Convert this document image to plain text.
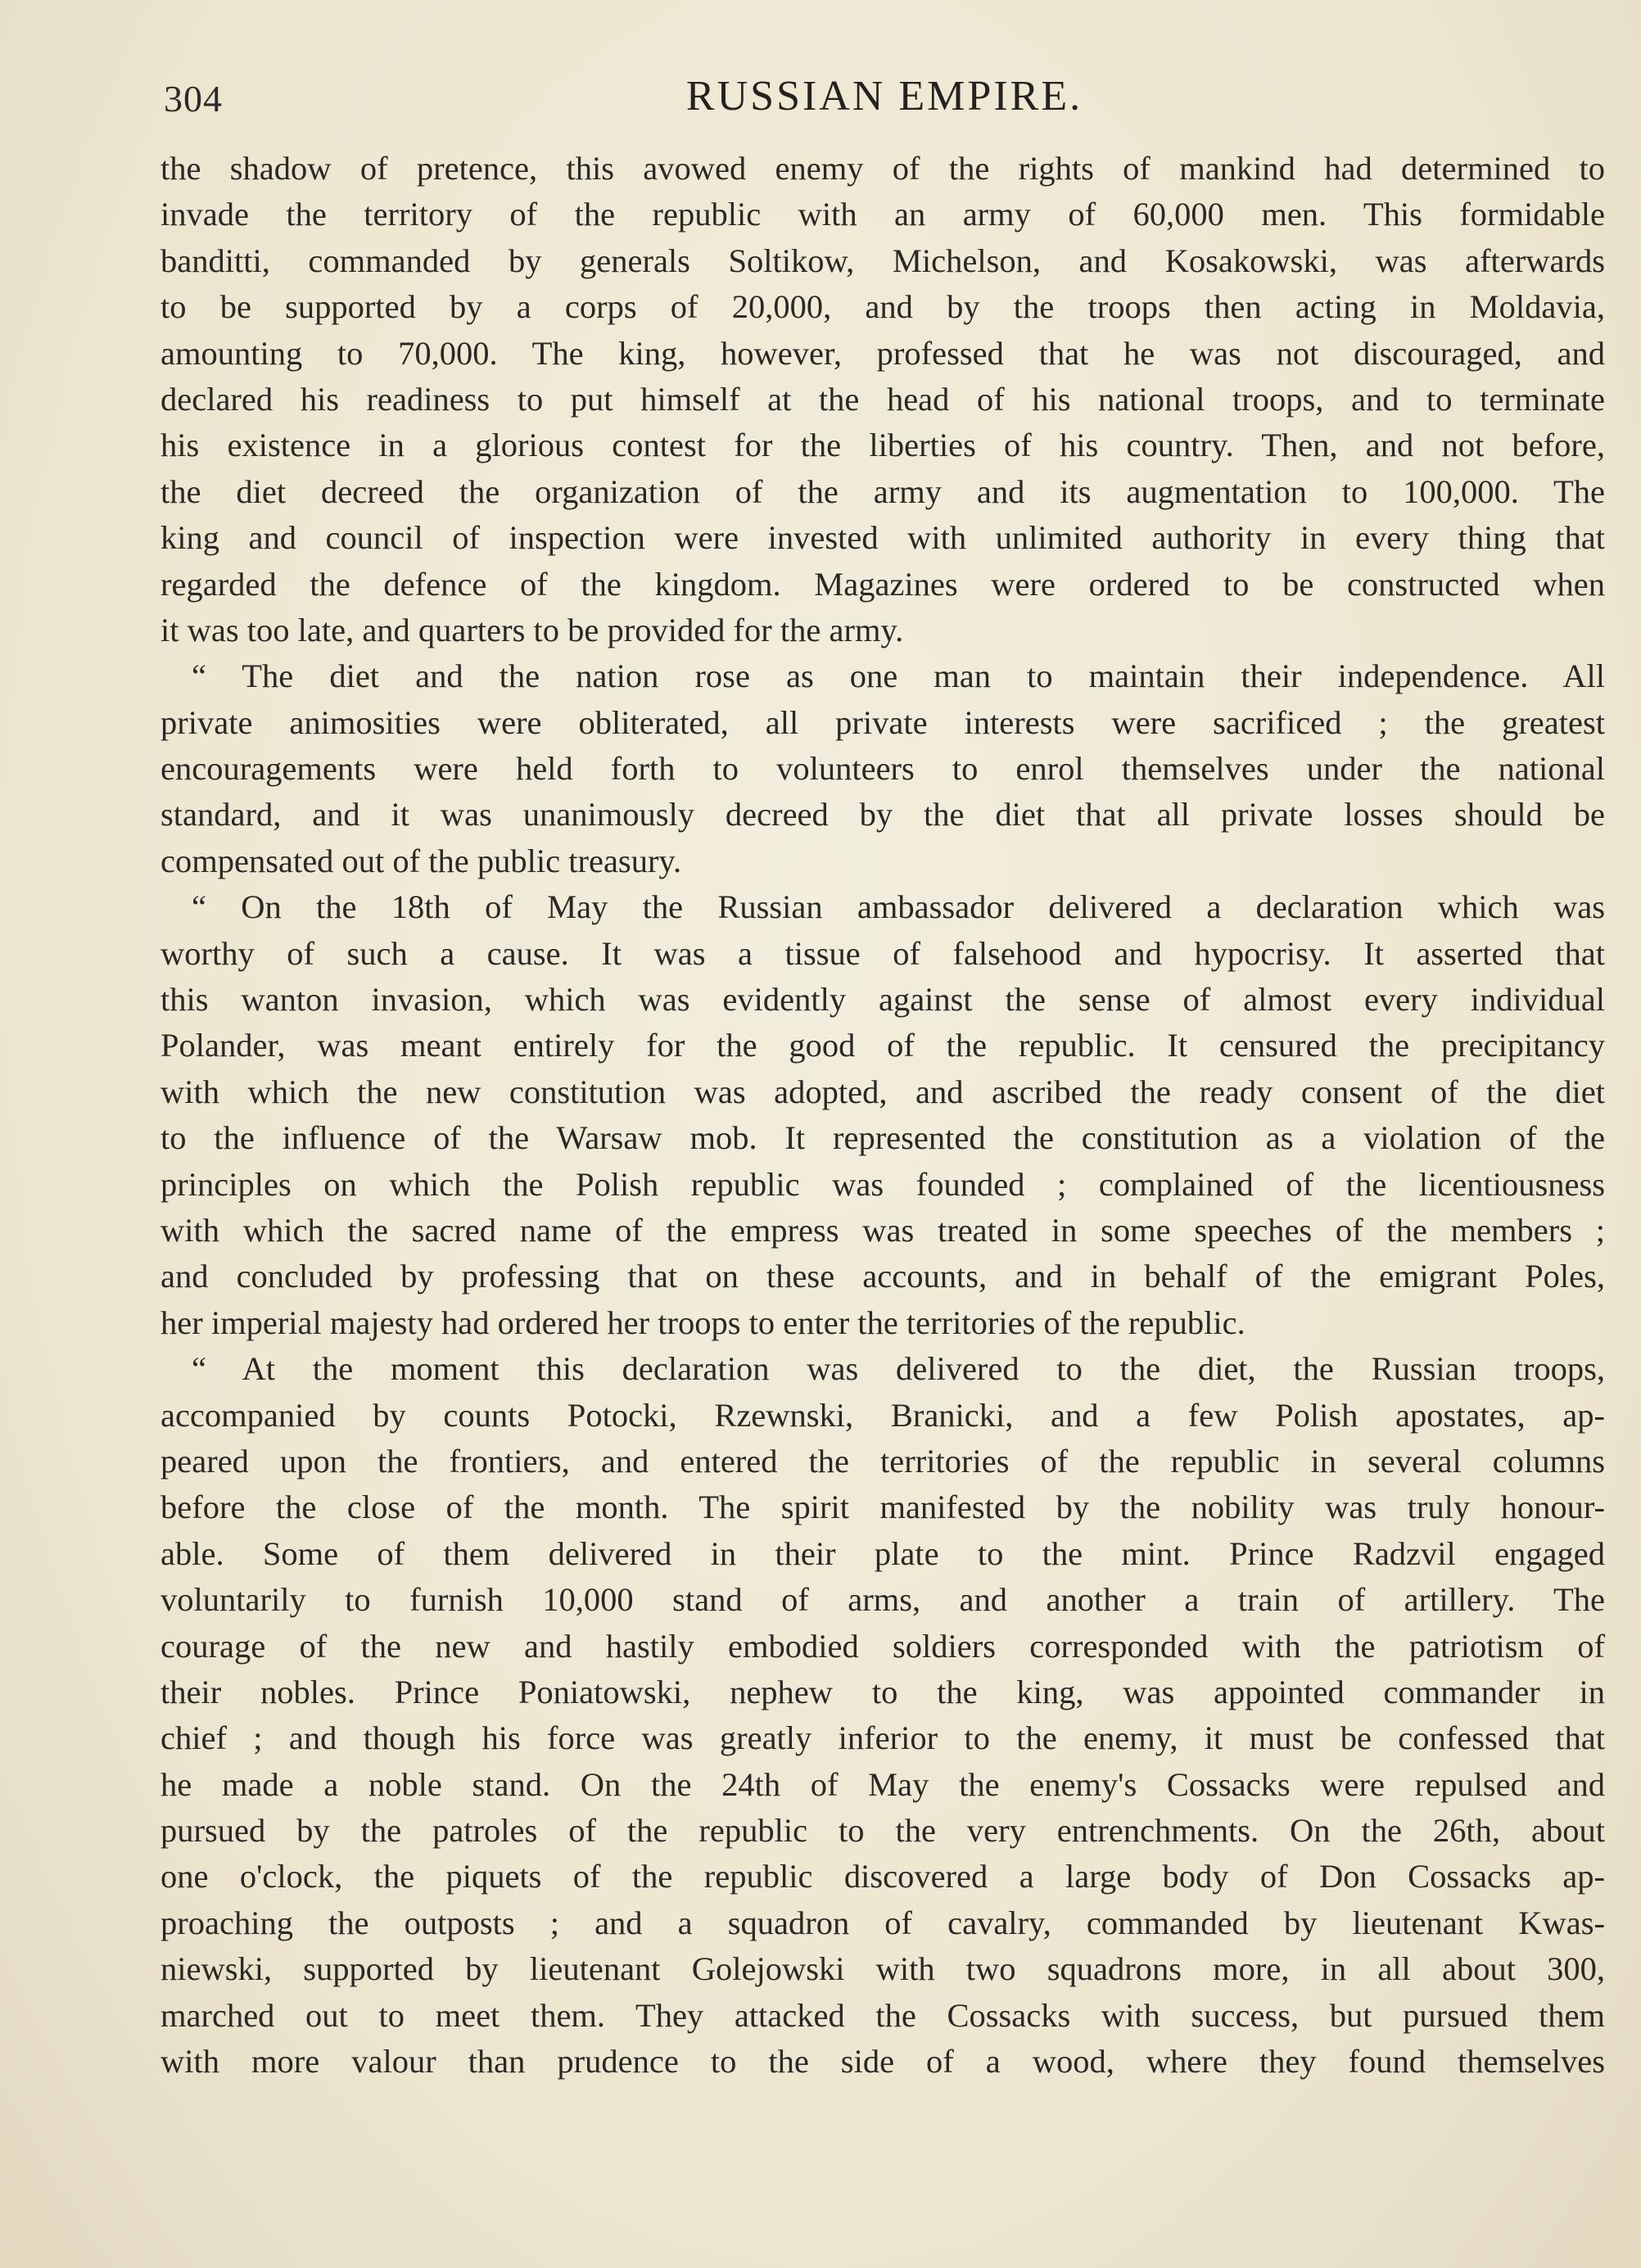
304	RUSSIAN EMPIRE.
the shadow of pretence, this avowed enemy of the rights of mankind had determined to
invade the territory of the republic with an army of 60,000 men. This formidable
banditti, commanded by generals Soltikow, Michelson, and Kosakowski, was afterwards
to be supported by a corps of 20,000, and by the troops then acting in Moldavia,
amounting to 70,000. The king, however, professed that he was not discouraged, and
declared his readiness to put himself at the head of his national troops, and to terminate
his existence in a glorious contest for the liberties of his country. Then, and not before,
the diet decreed the organization of the army and its augmentation to 100,000. The
king and council of inspection were invested with unlimited authority in every thing that
regarded the defence of the kingdom. Magazines were ordered to be constructed when
it was too late, and quarters to be provided for the army.
“ The diet and the nation rose as one man to maintain their independence. All
private animosities were obliterated, all private interests were sacrificed ; the greatest
encouragements were held forth to volunteers to enrol themselves under the national
standard, and it was unanimously decreed by the diet that all private losses should be
compensated out of the public treasury.
“ On the 18th of May the Russian ambassador delivered a declaration which was
worthy of such a cause. It was a tissue of falsehood and hypocrisy. It asserted that
this wanton invasion, which was evidently against the sense of almost every individual
Polander, was meant entirely for the good of the republic. It censured the precipitancy
with which the new constitution was adopted, and ascribed the ready consent of the diet
to the influence of the Warsaw mob. It represented the constitution as a violation of the
principles on which the Polish republic was founded ; complained of the licentiousness
with which the sacred name of the empress was treated in some speeches of the members ;
and concluded by professing that on these accounts, and in behalf of the emigrant Poles,
her imperial majesty had ordered her troops to enter the territories of the republic.
“ At the moment this declaration was delivered to the diet, the Russian troops,
accompanied by counts Potocki, Rzewnski, Branicki, and a few Polish apostates, ap-
peared upon the frontiers, and entered the territories of the republic in several columns
before the close of the month. The spirit manifested by the nobility was truly honour-
able. Some of them delivered in their plate to the mint. Prince Radzvil engaged
voluntarily to furnish 10,000 stand of arms, and another a train of artillery. The
courage of the new and hastily embodied soldiers corresponded with the patriotism of
their nobles. Prince Poniatowski, nephew to the king, was appointed commander in
chief ; and though his force was greatly inferior to the enemy, it must be confessed that
he made a noble stand. On the 24th of May the enemy's Cossacks were repulsed and
pursued by the patroles of the republic to the very entrenchments. On the 26th, about
one o'clock, the piquets of the republic discovered a large body of Don Cossacks ap-
proaching the outposts ; and a squadron of cavalry, commanded by lieutenant Kwas-
niewski, supported by lieutenant Golejowski with two squadrons more, in all about 300,
marched out to meet them. They attacked the Cossacks with success, but pursued them
with more valour than prudence to the side of a wood, where they found themselves
